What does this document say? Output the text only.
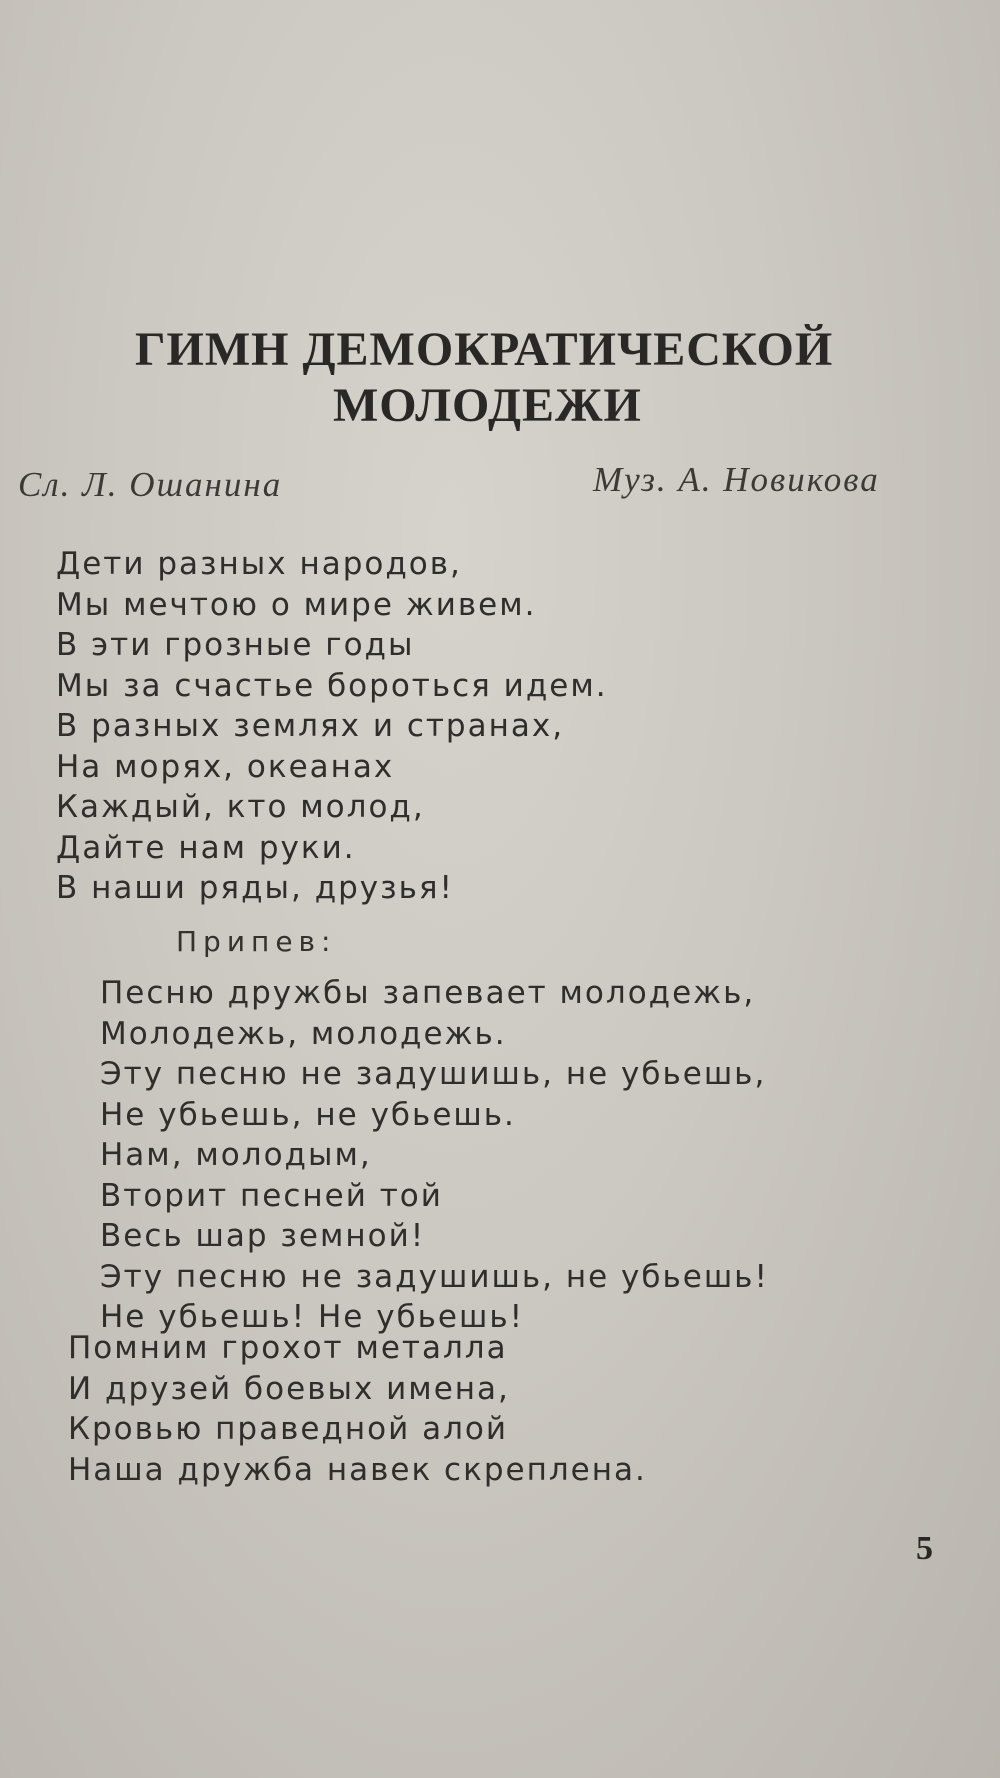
ГИМН ДЕМОКРАТИЧЕСКОЙ
МОЛОДЕЖИ
Сл. Л. Ошанина	Муз. А. Новикова
Дети разных народов,
Мы мечтою о мире живем.
В эти грозные годы
Мы за счастье бороться идем.
В разных землях и странах,
На морях, океанах
Каждый, кто молод,
Дайте нам руки.
В наши ряды, друзья!
Припев:
Песню дружбы запевает молодежь,
Молодежь, молодежь.
Эту песню не задушишь, не убьешь,
Не убьешь, не убьешь.
Нам, молодым,
Вторит песней той
Весь шар земной!
Эту песню не задушишь, не убьешь!
Не убьешь! Не убьешь!
Помним грохот металла
И друзей боевых имена,
Кровью праведной алой
Наша дружба навек скреплена.
5
